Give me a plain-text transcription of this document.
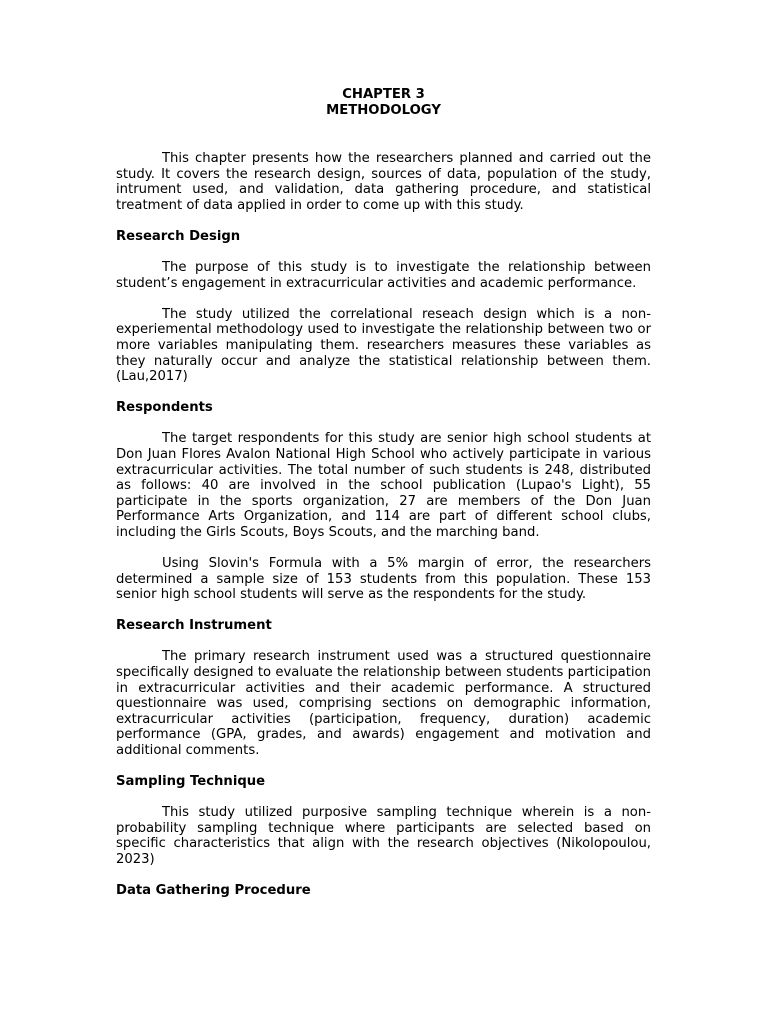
CHAPTER 3
METHODOLOGY

This chapter presents how the researchers planned and carried out the study. It covers the research design, sources of data, population of the study, intrument used, and validation, data gathering procedure, and statistical treatment of data applied in order to come up with this study.

Research Design

The purpose of this study is to investigate the relationship between student’s engagement in extracurricular activities and academic performance.

The study utilized the correlational reseach design which is a non-experiemental methodology used to investigate the relationship between two or more variables manipulating them. researchers measures these variables as they naturally occur and analyze the statistical relationship between them. (Lau,2017)

Respondents

The target respondents for this study are senior high school students at Don Juan Flores Avalon National High School who actively participate in various extracurricular activities. The total number of such students is 248, distributed as follows: 40 are involved in the school publication (Lupao's Light), 55 participate in the sports organization, 27 are members of the Don Juan Performance Arts Organization, and 114 are part of different school clubs, including the Girls Scouts, Boys Scouts, and the marching band.

Using Slovin's Formula with a 5% margin of error, the researchers determined a sample size of 153 students from this population. These 153 senior high school students will serve as the respondents for the study.

Research Instrument

The primary research instrument used was a structured questionnaire specifically designed to evaluate the relationship between students participation in extracurricular activities and their academic performance. A structured questionnaire was used, comprising sections on demographic information, extracurricular activities (participation, frequency, duration) academic performance (GPA, grades, and awards) engagement and motivation and additional comments.

Sampling Technique

This study utilized purposive sampling technique wherein is a non-probability sampling technique where participants are selected based on specific characteristics that align with the research objectives (Nikolopoulou, 2023)

Data Gathering Procedure
